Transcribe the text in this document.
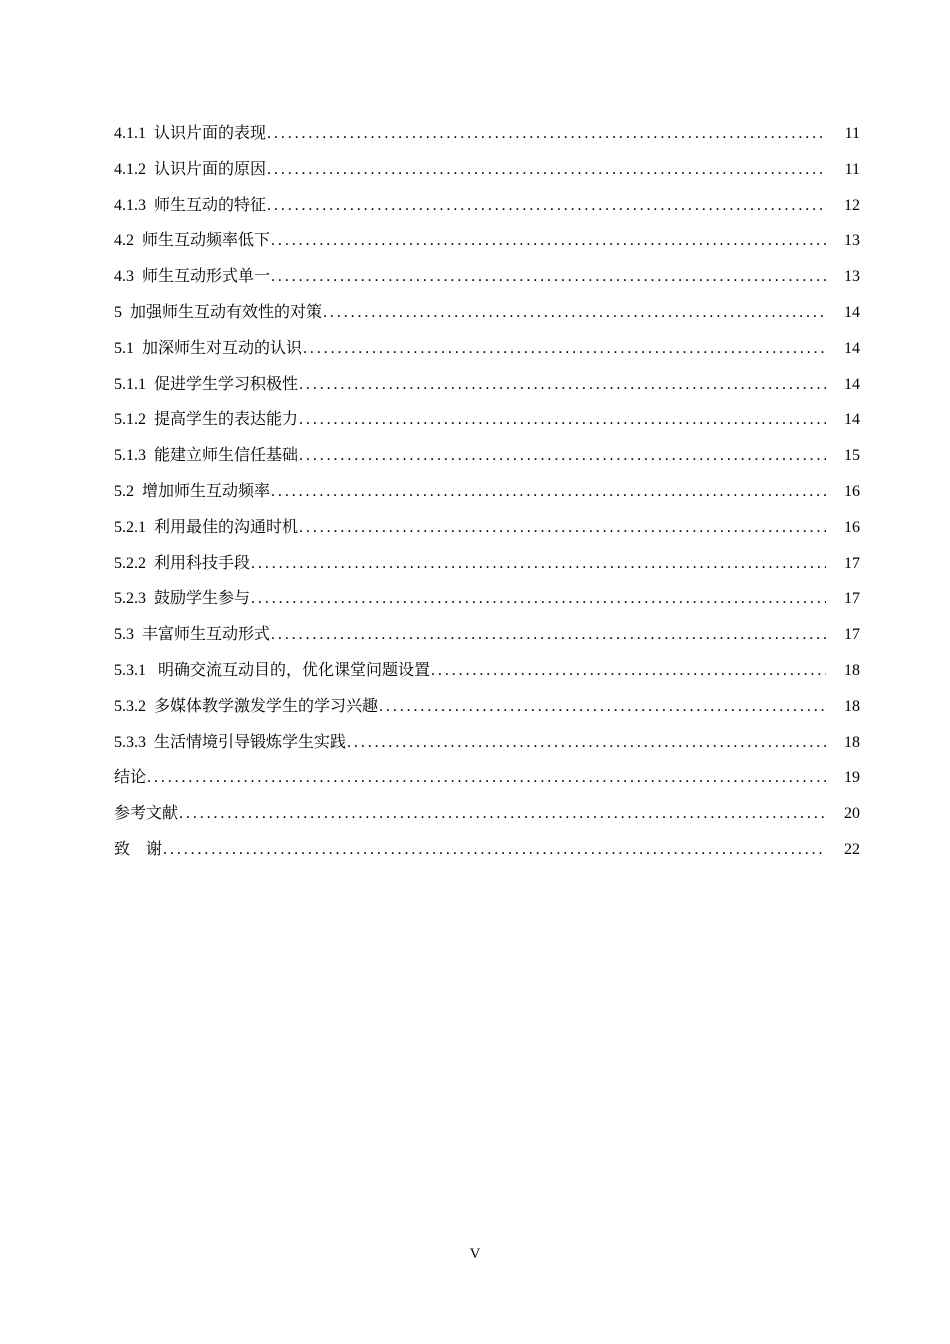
4.1.1  认识片面的表现 .....	11
4.1.2  认识片面的原因 .....	11
4.1.3  师生互动的特征 .....	12
4.2  师生互动频率低下 .....	13
4.3  师生互动形式单一 .....	13
5  加强师生互动有效性的对策 .....	14
5.1  加深师生对互动的认识 .....	14
5.1.1  促进学生学习积极性 .....	14
5.1.2  提高学生的表达能力 .....	14
5.1.3  能建立师生信任基础 .....	15
5.2  增加师生互动频率 .....	16
5.2.1  利用最佳的沟通时机 .....	16
5.2.2  利用科技手段 .....	17
5.2.3  鼓励学生参与 .....	17
5.3  丰富师生互动形式 .....	17
5.3.1   明确交流互动目的，优化课堂问题设置 .....	18
5.3.2  多媒体教学激发学生的学习兴趣 .....	18
5.3.3  生活情境引导锻炼学生实践 .....	18
结论 .....	19
参考文献 .....	20
致    谢 .....	22
V
